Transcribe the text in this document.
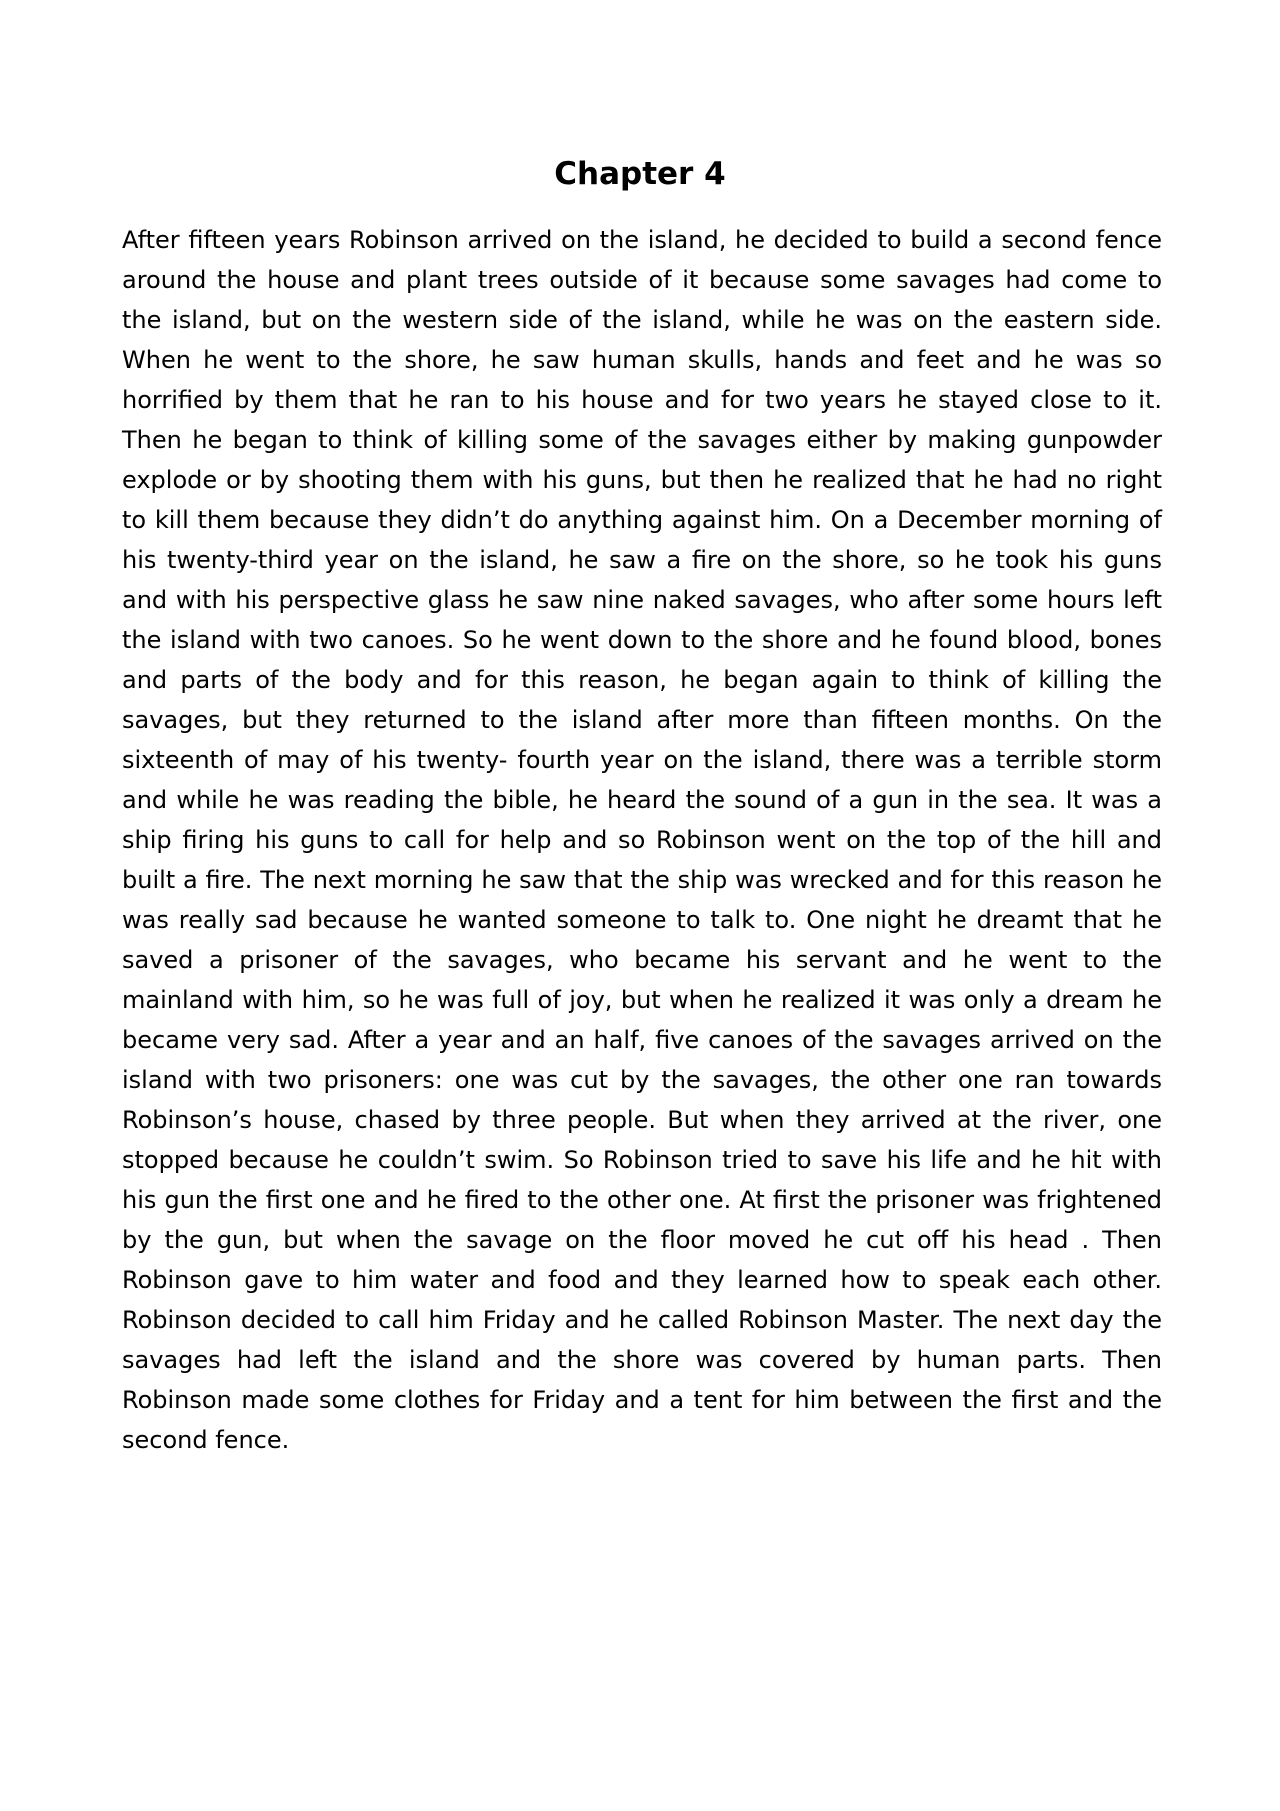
Chapter 4

After fifteen years Robinson arrived on the island, he decided to build a second fence around the house and plant trees outside of it because some savages had come to the island, but on the western side of the island, while he was on the eastern side. When he went to the shore, he saw human skulls, hands and feet and he was so horrified by them that he ran to his house and for two years he stayed close to it. Then he began to think of killing some of the savages either by making gunpowder explode or by shooting them with his guns, but then he realized that he had no right to kill them because they didn’t do anything against him. On a December morning of his twenty-third year on the island, he saw a fire on the shore, so he took his guns and with his perspective glass he saw nine naked savages, who after some hours left the island with two canoes. So he went down to the shore and he found blood, bones and parts of the body and for this reason, he began again to think of killing the savages, but they returned to the island after more than fifteen months. On the sixteenth of may of his twenty- fourth year on the island, there was a terrible storm and while he was reading the bible, he heard the sound of a gun in the sea. It was a ship firing his guns to call for help and so Robinson went on the top of the hill and built a fire. The next morning he saw that the ship was wrecked and for this reason he was really sad because he wanted someone to talk to. One night he dreamt that he saved a prisoner of the savages, who became his servant and he went to the mainland with him, so he was full of joy, but when he realized it was only a dream he became very sad. After a year and an half, five canoes of the savages arrived on the island with two prisoners: one was cut by the savages, the other one ran towards Robinson’s house, chased by three people. But when they arrived at the river, one stopped because he couldn’t swim. So Robinson tried to save his life and he hit with his gun the first one and he fired to the other one. At first the prisoner was frightened by the gun, but when the savage on the floor moved he cut off his head . Then Robinson gave to him water and food and they learned how to speak each other. Robinson decided to call him Friday and he called Robinson Master. The next day the savages had left the island and the shore was covered by human parts. Then Robinson made some clothes for Friday and a tent for him between the first and the second fence.
